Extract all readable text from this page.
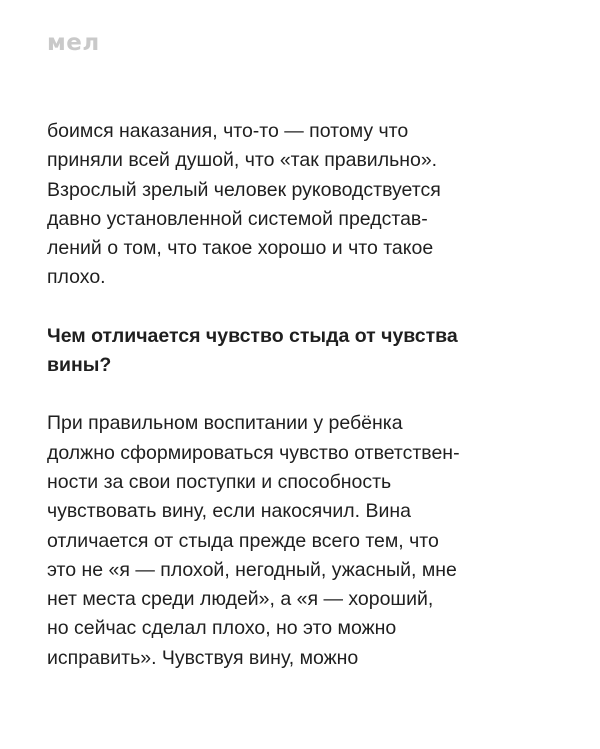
мел
боимся наказания, что-то — потому что
приняли всей душой, что «так правильно».
Взрослый зрелый человек руководствуется
давно установленной системой представ-
лений о том, что такое хорошо и что такое
плохо.
Чем отличается чувство стыда от чувства
вины?
При правильном воспитании у ребёнка
должно сформироваться чувство ответствен-
ности за свои поступки и способность
чувствовать вину, если накосячил. Вина
отличается от стыда прежде всего тем, что
это не «я — плохой, негодный, ужасный, мне
нет места среди людей», а «я — хороший,
но сейчас сделал плохо, но это можно
исправить». Чувствуя вину, можно
